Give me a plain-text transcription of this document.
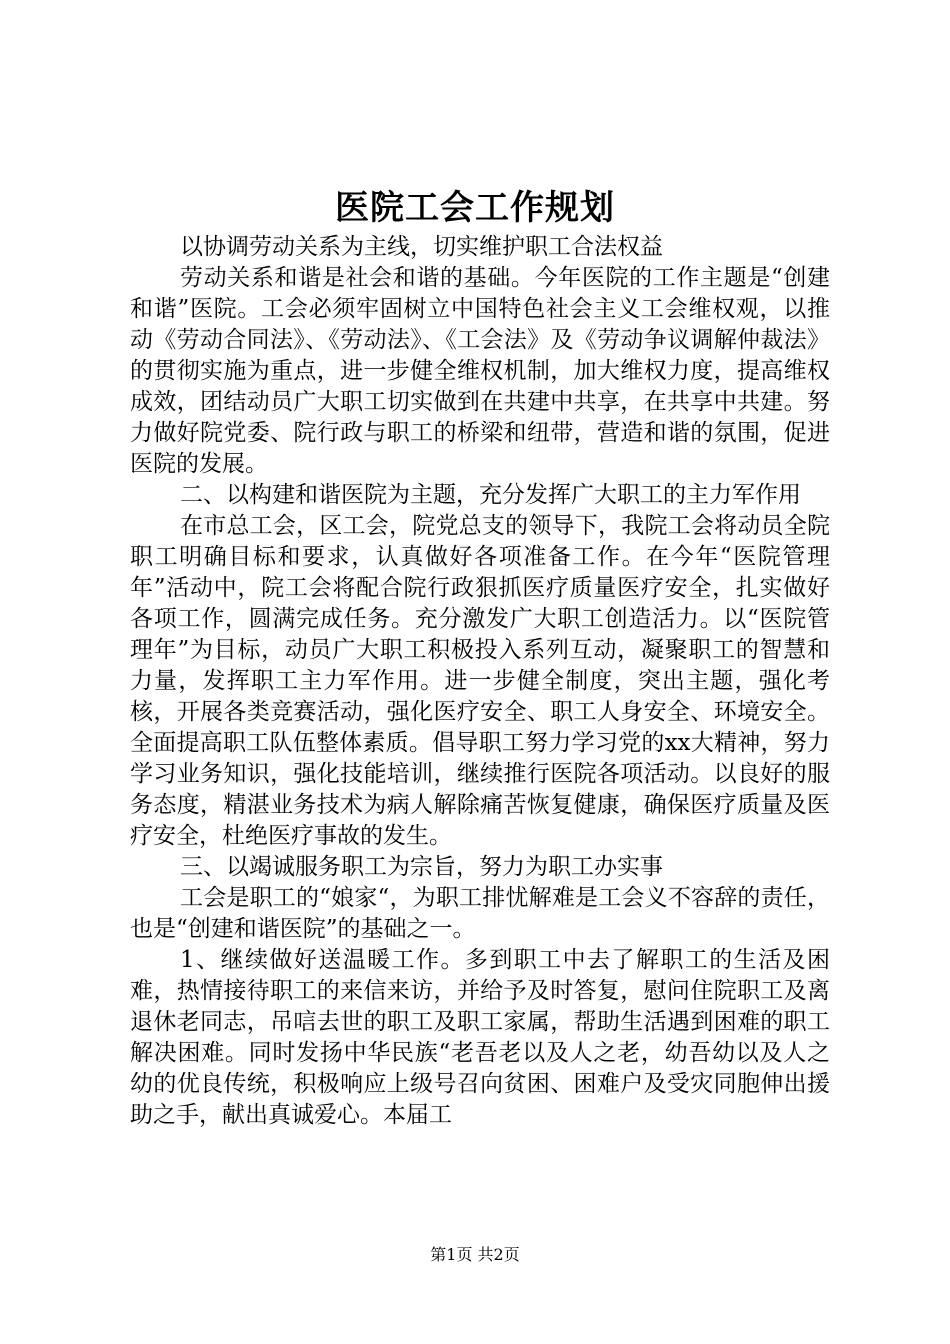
医院工会工作规划

以协调劳动关系为主线，切实维护职工合法权益

劳动关系和谐是社会和谐的基础。今年医院的工作主题是“创建和谐”医院。工会必须牢固树立中国特色社会主义工会维权观，以推动《劳动合同法》、《劳动法》、《工会法》及《劳动争议调解仲裁法》的贯彻实施为重点，进一步健全维权机制，加大维权力度，提高维权成效，团结动员广大职工切实做到在共建中共享，在共享中共建。努力做好院党委、院行政与职工的桥梁和纽带，营造和谐的氛围，促进医院的发展。

二、以构建和谐医院为主题，充分发挥广大职工的主力军作用

在市总工会，区工会，院党总支的领导下，我院工会将动员全院职工明确目标和要求，认真做好各项准备工作。在今年“医院管理年”活动中，院工会将配合院行政狠抓医疗质量医疗安全，扎实做好各项工作，圆满完成任务。充分激发广大职工创造活力。以“医院管理年”为目标，动员广大职工积极投入系列互动，凝聚职工的智慧和力量，发挥职工主力军作用。进一步健全制度，突出主题，强化考核，开展各类竞赛活动，强化医疗安全、职工人身安全、环境安全。全面提高职工队伍整体素质。倡导职工努力学习党的xx大精神，努力学习业务知识，强化技能培训，继续推行医院各项活动。以良好的服务态度，精湛业务技术为病人解除痛苦恢复健康，确保医疗质量及医疗安全，杜绝医疗事故的发生。

三、以竭诚服务职工为宗旨，努力为职工办实事

工会是职工的“娘家“，为职工排忧解难是工会义不容辞的责任，也是“创建和谐医院”的基础之一。

1、继续做好送温暖工作。多到职工中去了解职工的生活及困难，热情接待职工的来信来访，并给予及时答复，慰问住院职工及离退休老同志，吊唁去世的职工及职工家属，帮助生活遇到困难的职工解决困难。同时发扬中华民族“老吾老以及人之老，幼吾幼以及人之幼的优良传统，积极响应上级号召向贫困、困难户及受灾同胞伸出援助之手，献出真诚爱心。本届工

第1页 共2页
